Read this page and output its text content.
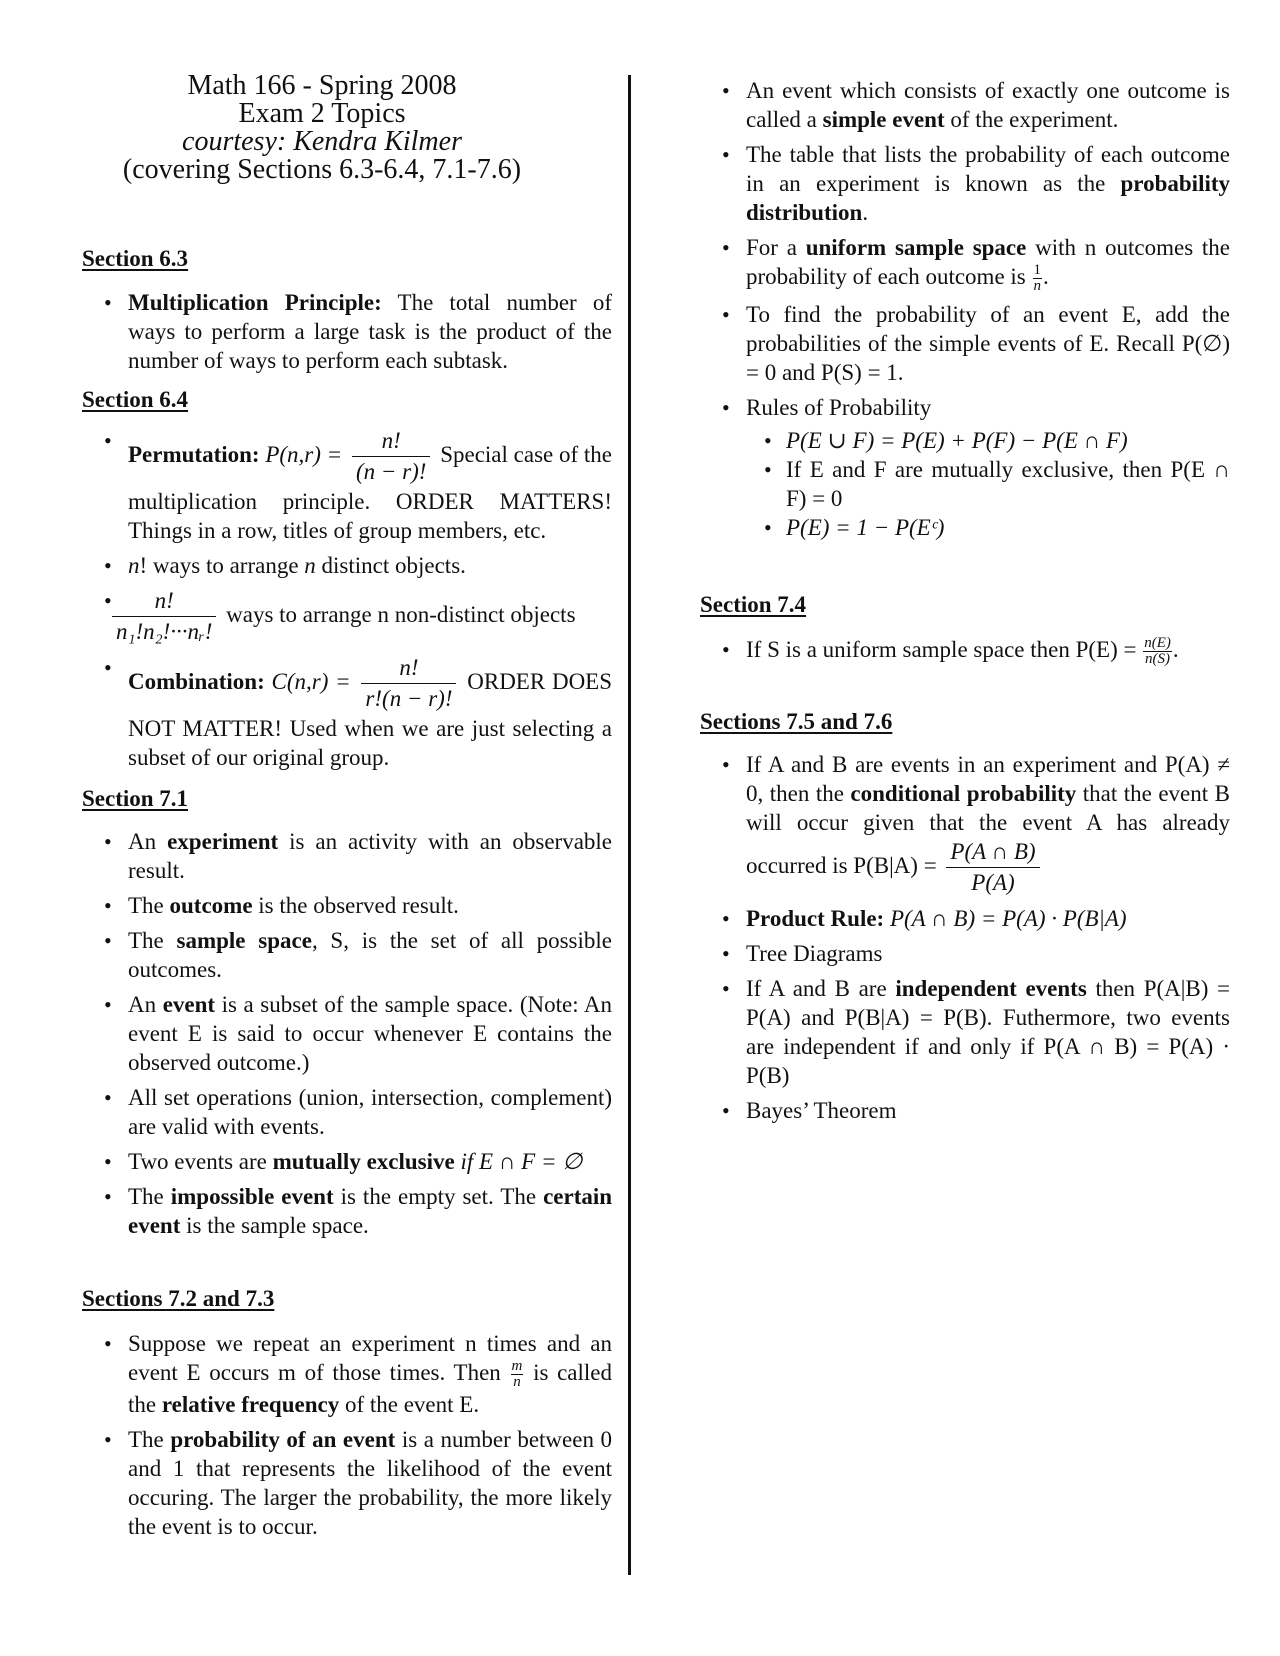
Math 166 - Spring 2008
Exam 2 Topics
courtesy: Kendra Kilmer
(covering Sections 6.3-6.4, 7.1-7.6)
Section 6.3
• Multiplication Principle: The total number of ways to perform a large task is the product of the number of ways to perform each subtask.
Section 6.4
• Permutation: $P(n,r) = \frac{n!}{(n - r)!}$ Special case of the multiplication principle. ORDER MATTERS! Things in a row, titles of group members, etc.
• n! ways to arrange n distinct objects.
• $\frac{n!}{\text{n₁!n₂!···nᵣ!}}$ ways to arrange n non-distinct objects
• Combination: $C(n,r) = \frac{n!}{r!(n - r)!}$ ORDER DOES NOT MATTER! Used when we are just selecting a subset of our original group.
Section 7.1
• An experiment is an activity with an observable result.
• The outcome is the observed result.
• The sample space, S, is the set of all possible outcomes.
• An event is a subset of the sample space. (Note: An event E is said to occur whenever E contains the observed outcome.)
• All set operations (union, intersection, complement) are valid with events.
• Two events are mutually exclusive if E ∩ F = ∅
• The impossible event is the empty set. The certain event is the sample space.
Sections 7.2 and 7.3
• Suppose we repeat an experiment n times and an event E occurs m of those times. Then $\frac{m}{n}$ is called the relative frequency of the event E.
• The probability of an event is a number between 0 and 1 that represents the likelihood of the event occuring. The larger the probability, the more likely the event is to occur.
• An event which consists of exactly one outcome is called a simple event of the experiment.
• The table that lists the probability of each outcome in an experiment is known as the probability distribution.
• For a uniform sample space with n outcomes the probability of each outcome is $\frac{1}{n}$ .
• To find the probability of an event E, add the probabilities of the simple events of E. Recall P(∅) = 0 and P(S) = 1.
• Rules of Probability
• P(E ∪ F) = P(E) + P(F) − P(E ∩ F)
• If E and F are mutually exclusive, then P(E ∩ F) = 0
• P(E) = 1 − P(Eᶜ)
Section 7.4
• If S is a uniform sample space then $P(E) = \frac{n(E)}{n(S)}$ .
Sections 7.5 and 7.6
• If A and B are events in an experiment and P(A) ≠ 0, then the conditional probability that the event B will occur given that the event A has already occurred is $P(B|A) = \frac{P(A \cap B)}{P(A)}$
• Product Rule: P(A ∩ B) = P(A) · P(B|A)
• Tree Diagrams
• If A and B are independent events then P(A|B) = P(A) and P(B|A) = P(B). Futhermore, two events are independent if and only if P(A ∩ B) = P(A) · P(B)
• Bayes’ Theorem
